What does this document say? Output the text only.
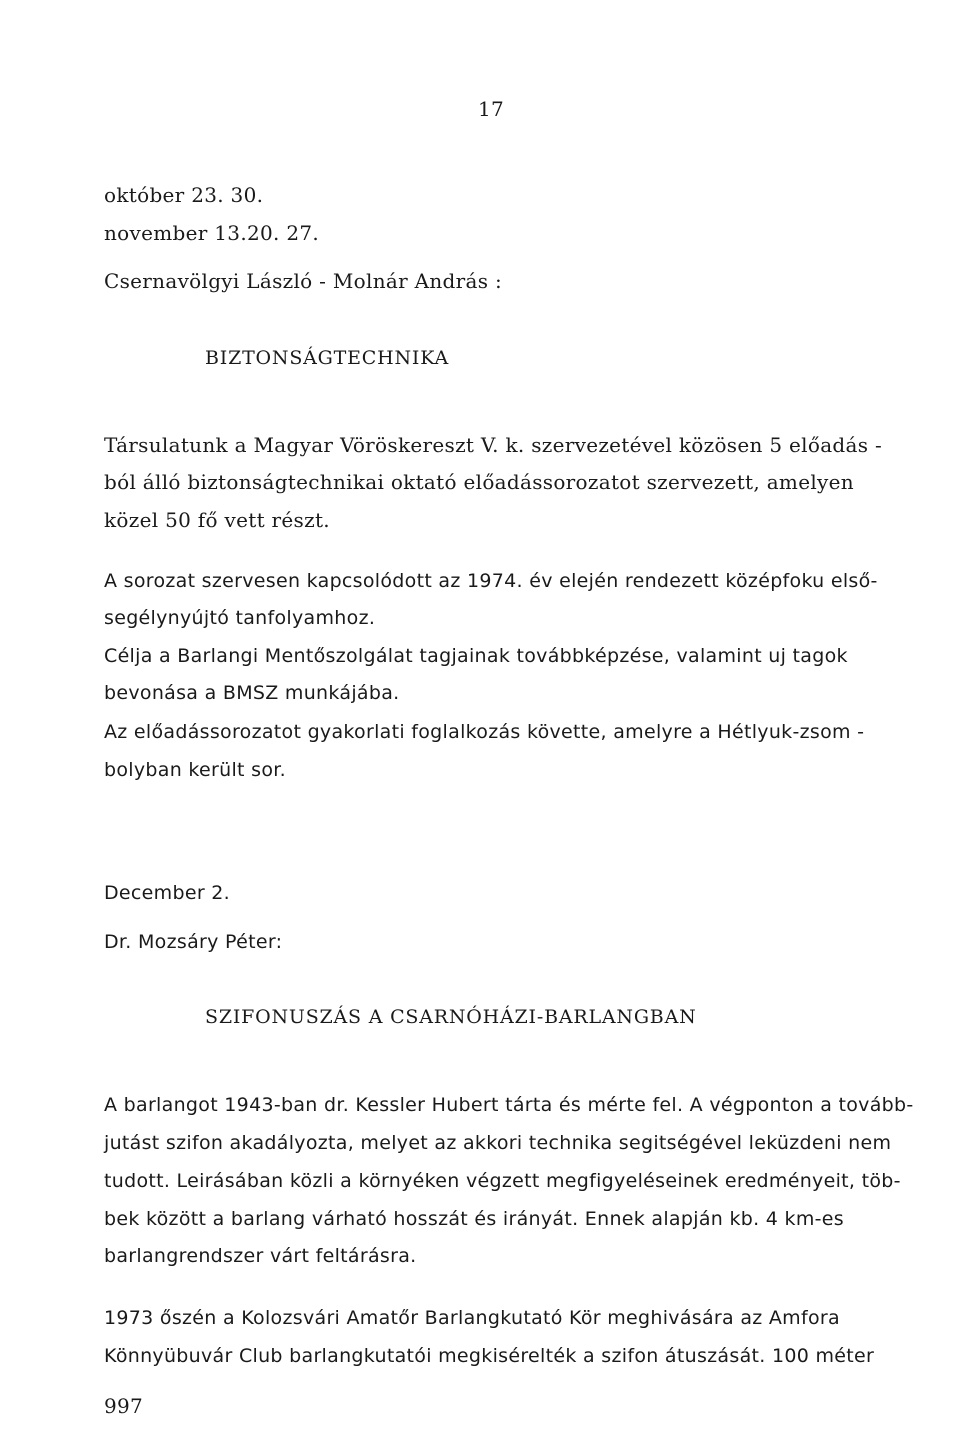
17

október 23. 30.

november 13.20. 27.

Csernavölgyi László - Molnár András :

BIZTONSÁGTECHNIKA

Társulatunk a Magyar Vöröskereszt V. k. szervezetével közösen 5 előadás -

ból álló biztonságtechnikai oktató előadássorozatot szervezett, amelyen

közel 50 fő vett részt.

A sorozat szervesen kapcsolódott az 1974. év elején rendezett középfoku első-

segélynyújtó tanfolyamhoz.

Célja a Barlangi Mentőszolgálat tagjainak továbbképzése, valamint uj tagok

bevonása a BMSZ munkájába.

Az előadássorozatot gyakorlati foglalkozás követte, amelyre a Hétlyuk-zsom -

bolyban került sor.

December 2.

Dr. Mozsáry Péter:

SZIFONUSZÁS A CSARNÓHÁZI-BARLANGBAN

A barlangot 1943-ban dr. Kessler Hubert tárta és mérte fel. A végponton a tovább-

jutást szifon akadályozta, melyet az akkori technika segitségével leküzdeni nem

tudott. Leirásában közli a környéken végzett megfigyeléseinek eredményeit, töb-

bek között a barlang várható hosszát és irányát. Ennek alapján kb. 4 km-es

barlangrendszer várt feltárásra.

1973 őszén a Kolozsvári Amatőr Barlangkutató Kör meghivására az Amfora

Könnyübuvár Club barlangkutatói megkisérelték a szifon átuszását. 100 méter

997
